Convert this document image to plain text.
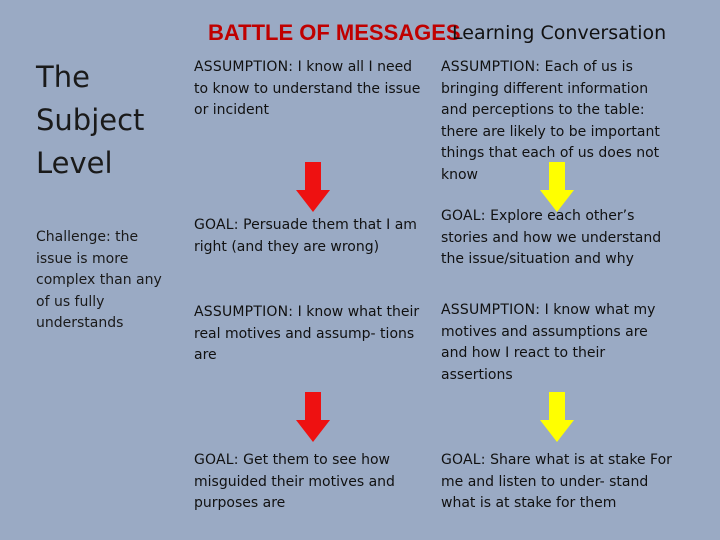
BATTLE OF MESSAGES
Learning Conversation
The
Subject
Level
Challenge: the issue is more complex than any of us fully understands
ASSUMPTION: I know all I need to know to understand the issue or incident
GOAL: Persuade them that I am right (and they are wrong)
ASSUMPTION: I know what their real motives and assump- tions are
GOAL: Get them to see how misguided their motives and purposes are
ASSUMPTION: Each of us is bringing different information and perceptions to the table: there are likely to be important things that each of us does not know
GOAL: Explore each other’s stories and how we understand the issue/situation and why
ASSUMPTION: I know what my motives and assumptions are and how I react to their assertions
GOAL: Share what is at stake For me and listen to under- stand what is at stake for them
